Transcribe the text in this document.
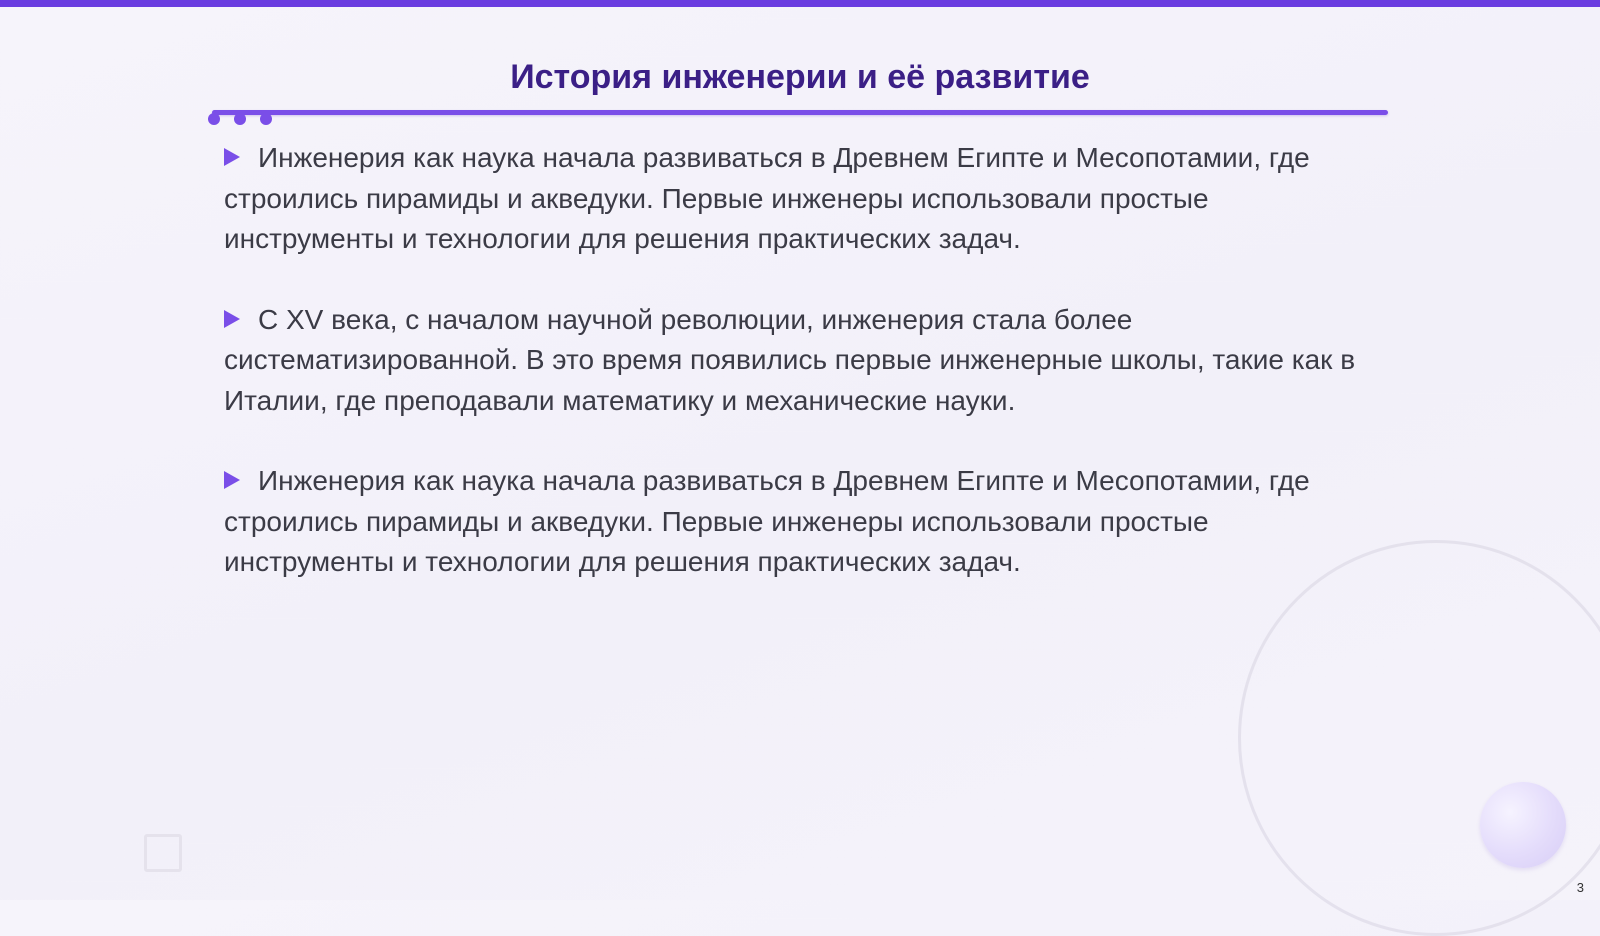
История инженерии и её развитие
Инженерия как наука начала развиваться в Древнем Египте и Месопотамии, где строились пирамиды и акведуки. Первые инженеры использовали простые инструменты и технологии для решения практических задач.
С XV века, с началом научной революции, инженерия стала более систематизированной. В это время появились первые инженерные школы, такие как в Италии, где преподавали математику и механические науки.
Инженерия как наука начала развиваться в Древнем Египте и Месопотамии, где строились пирамиды и акведуки. Первые инженеры использовали простые инструменты и технологии для решения практических задач.
3
